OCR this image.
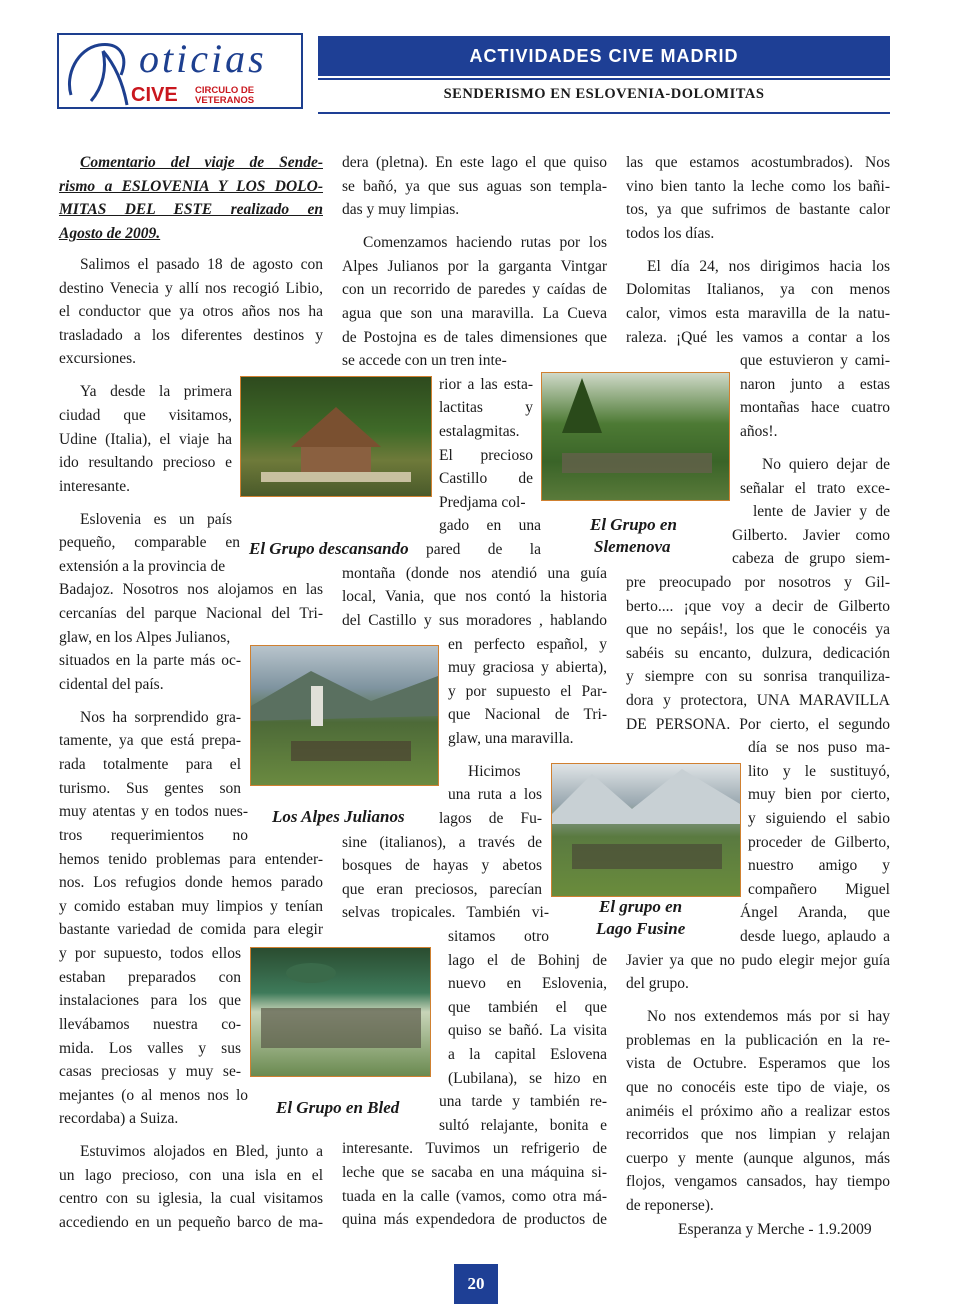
oticias
CIVE CIRCULO DE
VETERANOS
ACTIVIDADES CIVE MADRID
SENDERISMO EN ESLOVENIA-DOLOMITAS
El Grupo descansando
El Grupo en
Slemenova
Los Alpes Julianos
El grupo en
Lago Fusine
El Grupo en Bled

Comentario del viaje de Sende-

rismo a ESLOVENIA Y LOS DOLO-

MITAS DEL ESTE realizado en

Agosto de 2009.

Salimos el pasado 18 de agosto con

destino Venecia y allí nos recogió Libio,

el conductor que ya otros años nos ha

trasladado a los diferentes destinos y

excursiones.

Ya desde la primera

ciudad que visitamos,

Udine (Italia), el viaje ha

ido resultando precioso e

interesante.

Eslovenia es un país

pequeño, comparable en

extensión a la provincia de

Badajoz. Nosotros nos alojamos en las

cercanías del parque Nacional del Tri-

glaw, en los Alpes Julianos,

situados en la parte más oc-

cidental del país.

Nos ha sorprendido gra-

tamente, ya que está prepa-

rada totalmente para el

turismo. Sus gentes son

muy atentas y en todos nues-

tros requerimientos no

hemos tenido problemas para entender-

nos. Los refugios donde hemos parado

y comido estaban muy limpios y tenían

bastante variedad de comida para elegir

y por supuesto, todos ellos

estaban preparados con

instalaciones para los que

llevábamos nuestra co-

mida. Los valles y sus

casas preciosas y muy se-

mejantes (o al menos nos lo

recordaba) a Suiza.

Estuvimos alojados en Bled, junto a

un lago precioso, con una isla en el

centro con su iglesia, la cual visitamos

accediendo en un pequeño barco de ma-

dera (pletna). En este lago el que quiso

se bañó, ya que sus aguas son templa-

das y muy limpias.

Comenzamos haciendo rutas por los

Alpes Julianos por la garganta Vintgar

con un recorrido de paredes y caídas de

agua que son una maravilla. La Cueva

de Postojna es de tales dimensiones que

se accede con un tren inte-

rior a las esta-

lactitas y

estalagmitas.

El precioso

Castillo de

Predjama col-

gado en una

pared de la

montaña (donde nos atendió una guía

local, Vania, que nos contó la historia

del Castillo y sus moradores , hablando

en perfecto español, y

muy graciosa y abierta),

y por supuesto el Par-

que Nacional de Tri-

glaw, una maravilla.

Hicimos

una ruta a los

lagos de Fu-

sine (italianos), a través de

bosques de hayas y abetos

que eran preciosos, parecían

selvas tropicales. También vi-

sitamos otro

lago el de Bohinj de

nuevo en Eslovenia,

que también el que

quiso se bañó. La visita

a la capital Eslovena

(Lubilana), se hizo en

una tarde y también re-

sultó relajante, bonita e

interesante. Tuvimos un refrigerio de

leche que se sacaba en una máquina si-

tuada en la calle (vamos, como otra má-

quina más expendedora de productos de

las que estamos acostumbrados). Nos

vino bien tanto la leche como los bañi-

tos, ya que sufrimos de bastante calor

todos los días.

El día 24, nos dirigimos hacia los

Dolomitas Italianos, ya con menos

calor, vimos esta maravilla de la natu-

raleza. ¡Qué les vamos a contar a los

que estuvieron y cami-

naron junto a estas

montañas hace cuatro

años!.

No quiero dejar de

señalar el trato exce-

lente de Javier y de

Gilberto. Javier como

cabeza de grupo siem-

pre preocupado por nosotros y Gil-

berto.... ¡que voy a decir de Gilberto

que no sepáis!, los que le conocéis ya

sabéis su encanto, dulzura, dedicación

y siempre con su sonrisa tranquiliza-

dora y protectora, UNA MARAVILLA

DE PERSONA. Por cierto, el segundo

día se nos puso ma-

lito y le sustituyó,

muy bien por cierto,

y siguiendo el sabio

proceder de Gilberto,

nuestro amigo y

compañero Miguel

Ángel Aranda, que

desde luego, aplaudo a

Javier ya que no pudo elegir mejor guía

del grupo.

No nos extendemos más por si hay

problemas en la publicación en la re-

vista de Octubre. Esperamos que los

que no conocéis este tipo de viaje, os

animéis el próximo año a realizar estos

recorridos que nos limpian y relajan

cuerpo y mente (aunque algunos, más

flojos, vengamos cansados, hay tiempo

de reponerse).

Esperanza y Merche - 1.9.2009

20
